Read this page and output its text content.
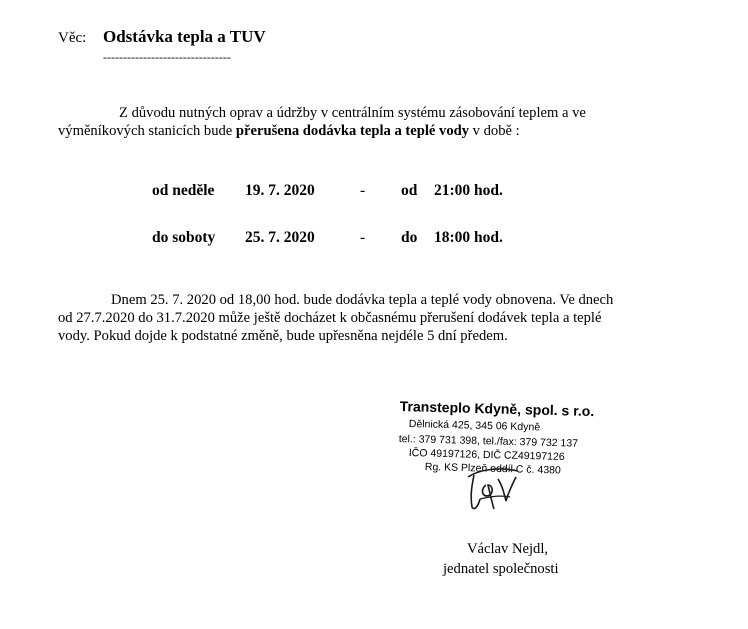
Věc: Odstávka tepla a TUV
--------------------------------
Z důvodu nutných oprav a údržby v centrálním systému zásobování teplem a ve
výměníkových stanicích bude přerušena dodávka tepla a teplé vody v době :
od neděle 19. 7. 2020	- od 21:00 hod.
do soboty 25. 7. 2020	- do 18:00 hod.
Dnem 25. 7. 2020 od 18,00 hod. bude dodávka tepla a teplé vody obnovena. Ve dnech
od 27.7.2020 do 31.7.2020 může ještě docházet k občasnému přerušení dodávek tepla a teplé
vody. Pokud dojde k podstatné změně, bude upřesněna nejdéle 5 dní předem.
Transteplo Kdyně, spol. s r.o.
Dělnická 425, 345 06 Kdyně
tel.: 379 731 398, tel./fax: 379 732 137
IČO 49197126, DIČ CZ49197126
Rg. KS Plzeň oddíl C č. 4380
Václav Nejdl,
jednatel společnosti
